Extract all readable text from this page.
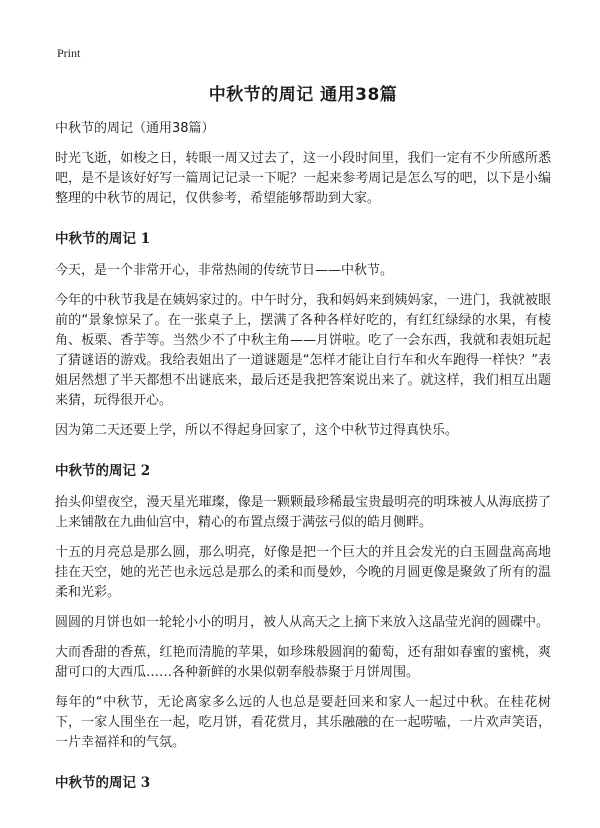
Print
中秋节的周记 通用38篇
中秋节的周记（通用38篇）

时光飞逝，如梭之日，转眼一周又过去了，这一小段时间里，我们一定有不少所感所悉吧，是不是该好好写一篇周记记录一下呢？一起来参考周记是怎么写的吧，以下是小编整理的中秋节的周记，仅供参考，希望能够帮助到大家。

中秋节的周记 1

今天，是一个非常开心，非常热闹的传统节日——中秋节。

今年的中秋节我是在姨妈家过的。中午时分，我和妈妈来到姨妈家，一进门，我就被眼前的“景象惊呆了。在一张桌子上，摆满了各种各样好吃的，有红红绿绿的水果，有棱角、板栗、香芋等。当然少不了中秋主角——月饼啦。吃了一会东西，我就和表姐玩起了猜谜语的游戏。我给表姐出了一道谜题是“怎样才能让自行车和火车跑得一样快？”表姐居然想了半天都想不出谜底来，最后还是我把答案说出来了。就这样，我们相互出题来猜，玩得很开心。

因为第二天还要上学，所以不得起身回家了，这个中秋节过得真快乐。

中秋节的周记 2

抬头仰望夜空，漫天星光璀璨，像是一颗颗最珍稀最宝贵最明亮的明珠被人从海底捞了上来铺散在九曲仙宫中，精心的布置点缀于满弦弓似的皓月侧畔。

十五的月亮总是那么圆，那么明亮，好像是把一个巨大的并且会发光的白玉圆盘高高地挂在天空，她的光芒也永远总是那么的柔和而曼妙，今晚的月圆更像是聚敛了所有的温柔和光彩。

圆圆的月饼也如一轮轮小小的明月，被人从高天之上摘下来放入这晶莹光润的圆碟中。

大而香甜的香蕉，红艳而清脆的苹果，如珍珠般圆润的葡萄，还有甜如春蜜的蜜桃，爽甜可口的大西瓜……各种新鲜的水果似朝奉般恭聚于月饼周围。

每年的“中秋节，无论离家多么远的人也总是要赶回来和家人一起过中秋。在桂花树下，一家人围坐在一起，吃月饼，看花赏月，其乐融融的在一起唠嗑，一片欢声笑语，一片幸福祥和的气氛。

中秋节的周记 3
